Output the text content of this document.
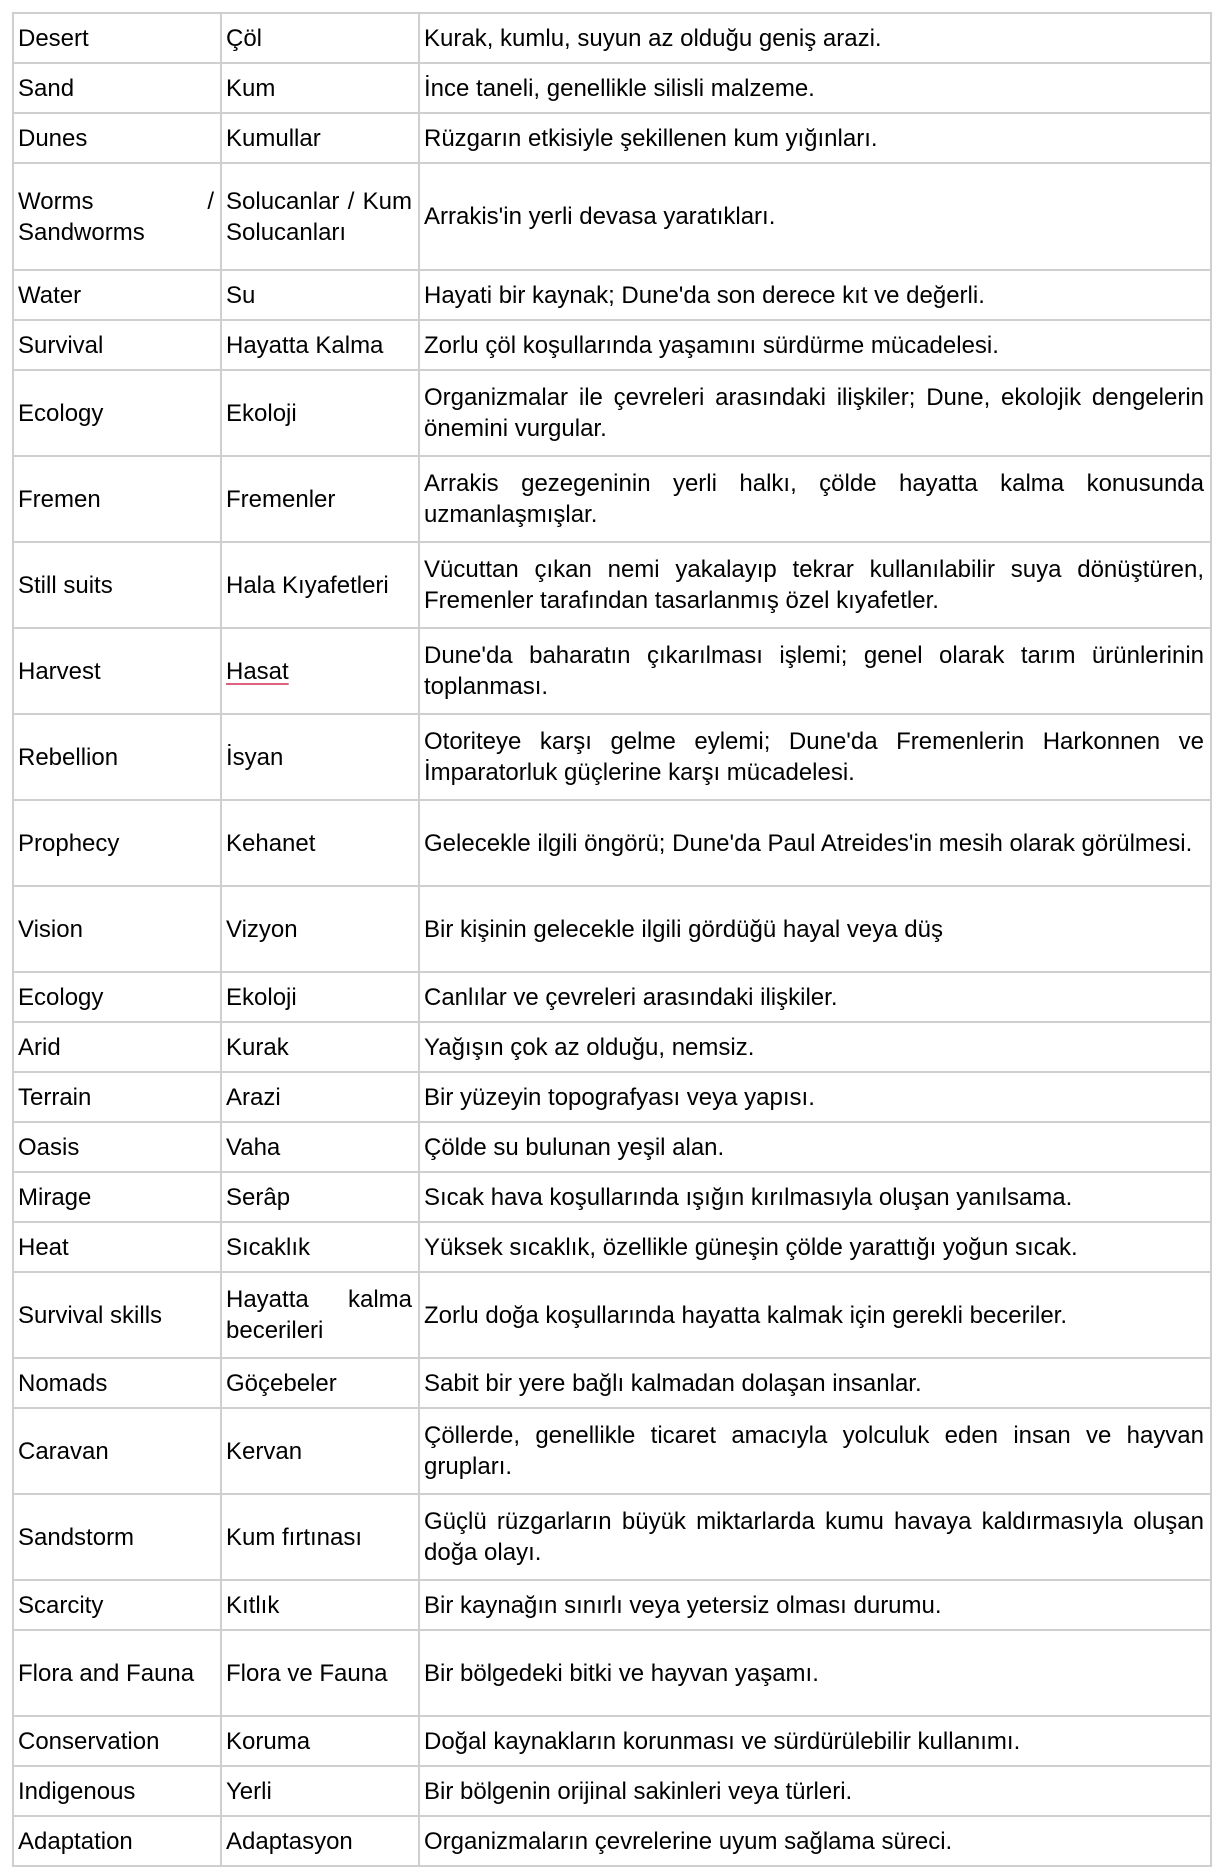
Desert	Çöl	Kurak, kumlu, suyun az olduğu geniş arazi.
Sand	Kum	İnce taneli, genellikle silisli malzeme.
Dunes	Kumullar	Rüzgarın etkisiyle şekillenen kum yığınları.
Worms / Sandworms	Solucanlar / Kum Solucanları	Arrakis'in yerli devasa yaratıkları.
Water	Su	Hayati bir kaynak; Dune'da son derece kıt ve değerli.
Survival	Hayatta Kalma	Zorlu çöl koşullarında yaşamını sürdürme mücadelesi.
Ecology	Ekoloji	Organizmalar ile çevreleri arasındaki ilişkiler; Dune, ekolojik dengelerin önemini vurgular.
Fremen	Fremenler	Arrakis gezegeninin yerli halkı, çölde hayatta kalma konusunda uzmanlaşmışlar.
Still suits	Hala Kıyafetleri	Vücuttan çıkan nemi yakalayıp tekrar kullanılabilir suya dönüştüren, Fremenler tarafından tasarlanmış özel kıyafetler.
Harvest	Hasat	Dune'da baharatın çıkarılması işlemi; genel olarak tarım ürünlerinin toplanması.
Rebellion	İsyan	Otoriteye karşı gelme eylemi; Dune'da Fremenlerin Harkonnen ve İmparatorluk güçlerine karşı mücadelesi.
Prophecy	Kehanet	Gelecekle ilgili öngörü; Dune'da Paul Atreides'in mesih olarak görülmesi.
Vision	Vizyon	Bir kişinin gelecekle ilgili gördüğü hayal veya düş
Ecology	Ekoloji	Canlılar ve çevreleri arasındaki ilişkiler.
Arid	Kurak	Yağışın çok az olduğu, nemsiz.
Terrain	Arazi	Bir yüzeyin topografyası veya yapısı.
Oasis	Vaha	Çölde su bulunan yeşil alan.
Mirage	Serâp	Sıcak hava koşullarında ışığın kırılmasıyla oluşan yanılsama.
Heat	Sıcaklık	Yüksek sıcaklık, özellikle güneşin çölde yarattığı yoğun sıcak.
Survival skills	Hayatta kalma becerileri	Zorlu doğa koşullarında hayatta kalmak için gerekli beceriler.
Nomads	Göçebeler	Sabit bir yere bağlı kalmadan dolaşan insanlar.
Caravan	Kervan	Çöllerde, genellikle ticaret amacıyla yolculuk eden insan ve hayvan grupları.
Sandstorm	Kum fırtınası	Güçlü rüzgarların büyük miktarlarda kumu havaya kaldırmasıyla oluşan doğa olayı.
Scarcity	Kıtlık	Bir kaynağın sınırlı veya yetersiz olması durumu.
Flora and Fauna	Flora ve Fauna	Bir bölgedeki bitki ve hayvan yaşamı.
Conservation	Koruma	Doğal kaynakların korunması ve sürdürülebilir kullanımı.
Indigenous	Yerli	Bir bölgenin orijinal sakinleri veya türleri.
Adaptation	Adaptasyon	Organizmaların çevrelerine uyum sağlama süreci.
